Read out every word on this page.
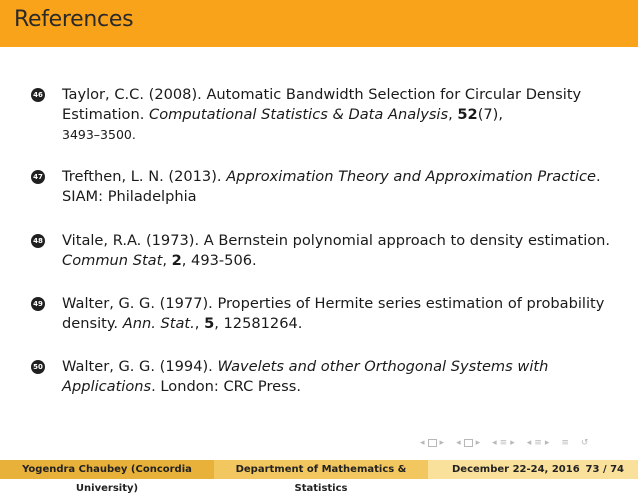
References
46 Taylor, C.C. (2008). Automatic Bandwidth Selection for Circular Density Estimation. Computational Statistics & Data Analysis, 52(7),
3493–3500.
47 Trefthen, L. N. (2013). Approximation Theory and Approximation Practice. SIAM: Philadelphia
48 Vitale, R.A. (1973). A Bernstein polynomial approach to density estimation. Commun Stat, 2, 493-506.
49 Walter, G. G. (1977). Properties of Hermite series estimation of probability density. Ann. Stat., 5, 12581264.
50 Walter, G. G. (1994). Wavelets and other Orthogonal Systems with Applications. London: CRC Press.
◂ ▸ ◂ ▸ ◂ ≡ ▸ ◂ ≡ ▸ ≡ ↺
Yogendra Chaubey (Concordia University)
Department of Mathematics & Statistics
December 22-24, 2016 73 / 74
